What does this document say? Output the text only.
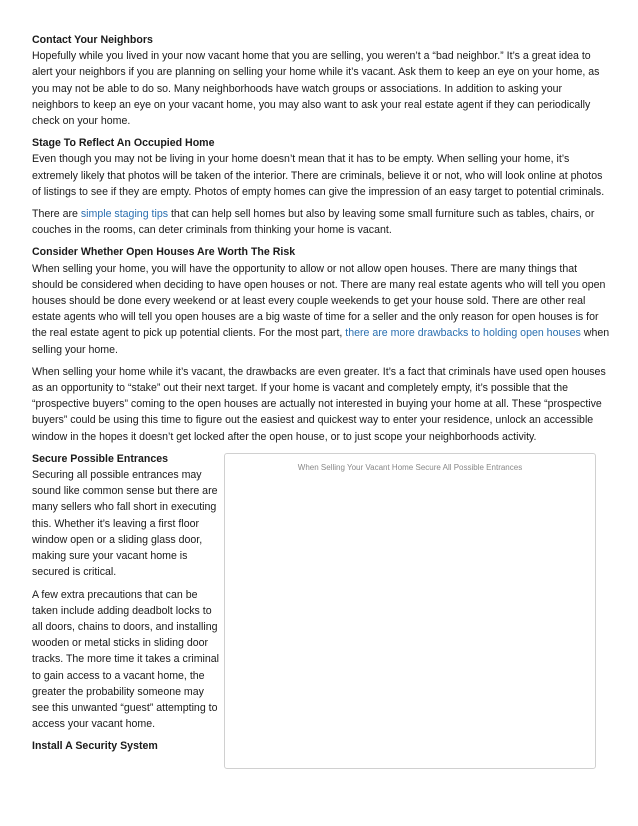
Contact Your Neighbors
Hopefully while you lived in your now vacant home that you are selling, you weren’t a “bad neighbor.” It’s a great idea to alert your neighbors if you are planning on selling your home while it’s vacant. Ask them to keep an eye on your home, as you may not be able to do so. Many neighborhoods have watch groups or associations. In addition to asking your neighbors to keep an eye on your vacant home, you may also want to ask your real estate agent if they can periodically check on your home.

Stage To Reflect An Occupied Home
Even though you may not be living in your home doesn’t mean that it has to be empty. When selling your home, it’s extremely likely that photos will be taken of the interior. There are criminals, believe it or not, who will look online at photos of listings to see if they are empty. Photos of empty homes can give the impression of an easy target to potential criminals.

There are simple staging tips that can help sell homes but also by leaving some small furniture such as tables, chairs, or couches in the rooms, can deter criminals from thinking your home is vacant.

Consider Whether Open Houses Are Worth The Risk
When selling your home, you will have the opportunity to allow or not allow open houses. There are many things that should be considered when deciding to have open houses or not. There are many real estate agents who will tell you open houses should be done every weekend or at least every couple weekends to get your house sold. There are other real estate agents who will tell you open houses are a big waste of time for a seller and the only reason for open houses is for the real estate agent to pick up potential clients. For the most part, there are more drawbacks to holding open houses when selling your home.

When selling your home while it’s vacant, the drawbacks are even greater. It’s a fact that criminals have used open houses as an opportunity to “stake” out their next target. If your home is vacant and completely empty, it’s possible that the “prospective buyers” coming to the open houses are actually not interested in buying your home at all. These “prospective buyers” could be using this time to figure out the easiest and quickest way to enter your residence, unlock an accessible window in the hopes it doesn’t get locked after the open house, or to just scope your neighborhoods activity.

Secure Possible Entrances
Securing all possible entrances may sound like common sense but there are many sellers who fall short in executing this. Whether it’s leaving a first floor window open or a sliding glass door, making sure your vacant home is secured is critical.

A few extra precautions that can be taken include adding deadbolt locks to all doors, chains to doors, and installing wooden or metal sticks in sliding door tracks. The more time it takes a criminal to gain access to a vacant home, the greater the probability someone may see this unwanted “guest” attempting to access your vacant home.

Install A Security System

When Selling Your Vacant Home Secure All Possible Entrances
